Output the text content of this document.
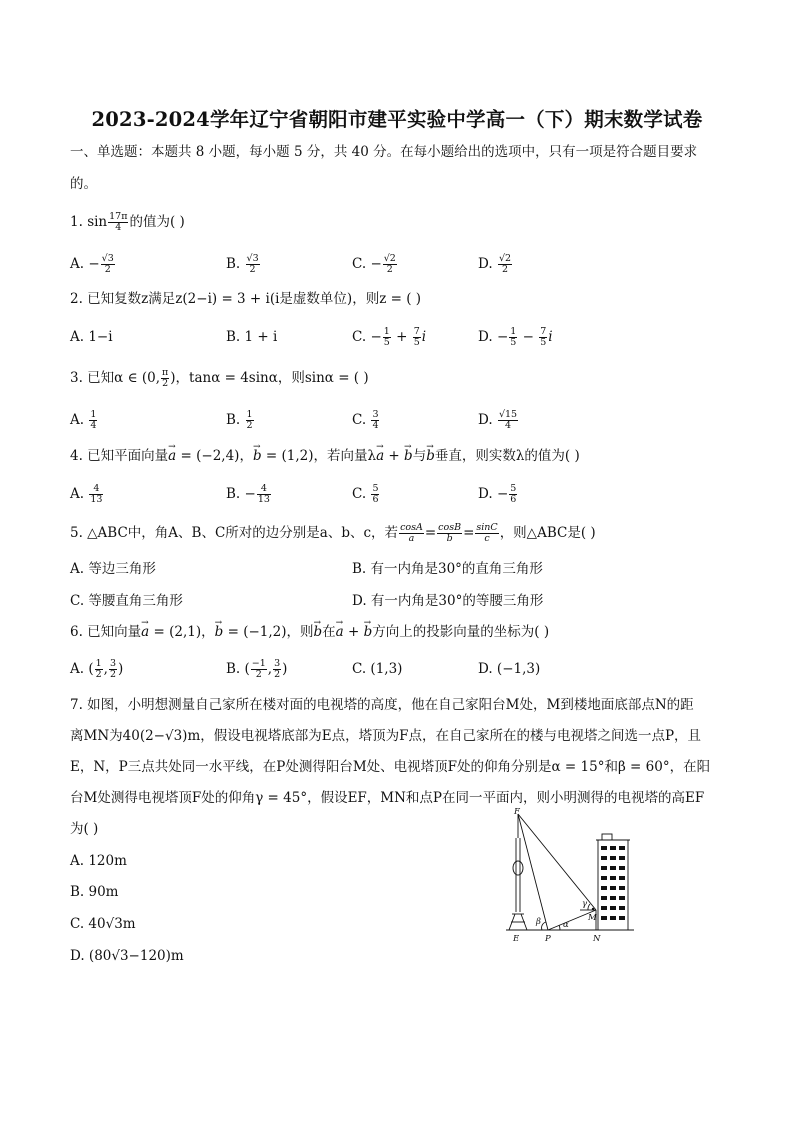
2023-2024学年辽宁省朝阳市建平实验中学高一（下）期末数学试卷
一、单选题：本题共 8 小题，每小题 5 分，共 40 分。在每小题给出的选项中，只有一项是符合题目要求
的。
1. $\sin \frac{17\pi}{4}$ 的值为( )
A. − $\frac{√3}{2}$	B. $\frac{√3}{2}$	C. − $\frac{√2}{2}$	D. $\frac{√2}{2}$
2. 已知复数z满足z(2−i) = 3 + i(i是虚数单位)，则z = ( )
A. 1−i	B. 1 + i	C. − $\frac{1}{5} + \frac{7}{5}$ i	D. − $\frac{1}{5} - \frac{7}{5}$ i
3. 已知α ∈ (0, $\frac{\pi}{2}$ )，tanα = 4sinα，则sinα = ( )
A. $\frac{1}{4}$	B. $\frac{1}{2}$	C. $\frac{3}{4}$	D. $\frac{√15}{4}$
4. 已知平面向量→ a = (−2,4)，→ b = (1,2)，若向量λ→ a + → b与→ b垂直，则实数λ的值为( )
A. $\frac{4}{13}$	B. − $\frac{4}{13}$	C. $\frac{5}{6}$	D. − $\frac{5}{6}$
5. △ABC中，角A、B、C所对的边分别是a、b、c，若 $\frac{\cos A}{a} = \frac{\cos B}{b} = \frac{\sin C}{c}$ ，则△ABC是( )
A. 等边三角形	B. 有一内角是30°的直角三角形
C. 等腰直角三角形	D. 有一内角是30°的等腰三角形
6. 已知向量→ a = (2,1)，→ b = (−1,2)，则→ b在→ a + → b方向上的投影向量的坐标为( )
A. ( $\frac{1}{2}$ , $\frac{3}{2}$ )	B. ( $\frac{-1}{2}$ , $\frac{3}{2}$ )	C. (1,3)	D. (−1,3)
7. 如图，小明想测量自己家所在楼对面的电视塔的高度，他在自己家阳台M处，M到楼地面底部点N的距
离MN为40(2−√3)m，假设电视塔底部为E点，塔顶为F点，在自己家所在的楼与电视塔之间选一点P，且
E，N，P三点共处同一水平线，在P处测得阳台M处、电视塔顶F处的仰角分别是α = 15°和β = 60°，在阳
台M处测得电视塔顶F处的仰角γ = 45°，假设EF，MN和点P在同一平面内，则小明测得的电视塔的高EF
为( )
A. 120m
B. 90m
C. 40√3m
D. (80√3−120)m
F
E	P	N
M
α
β
γ
